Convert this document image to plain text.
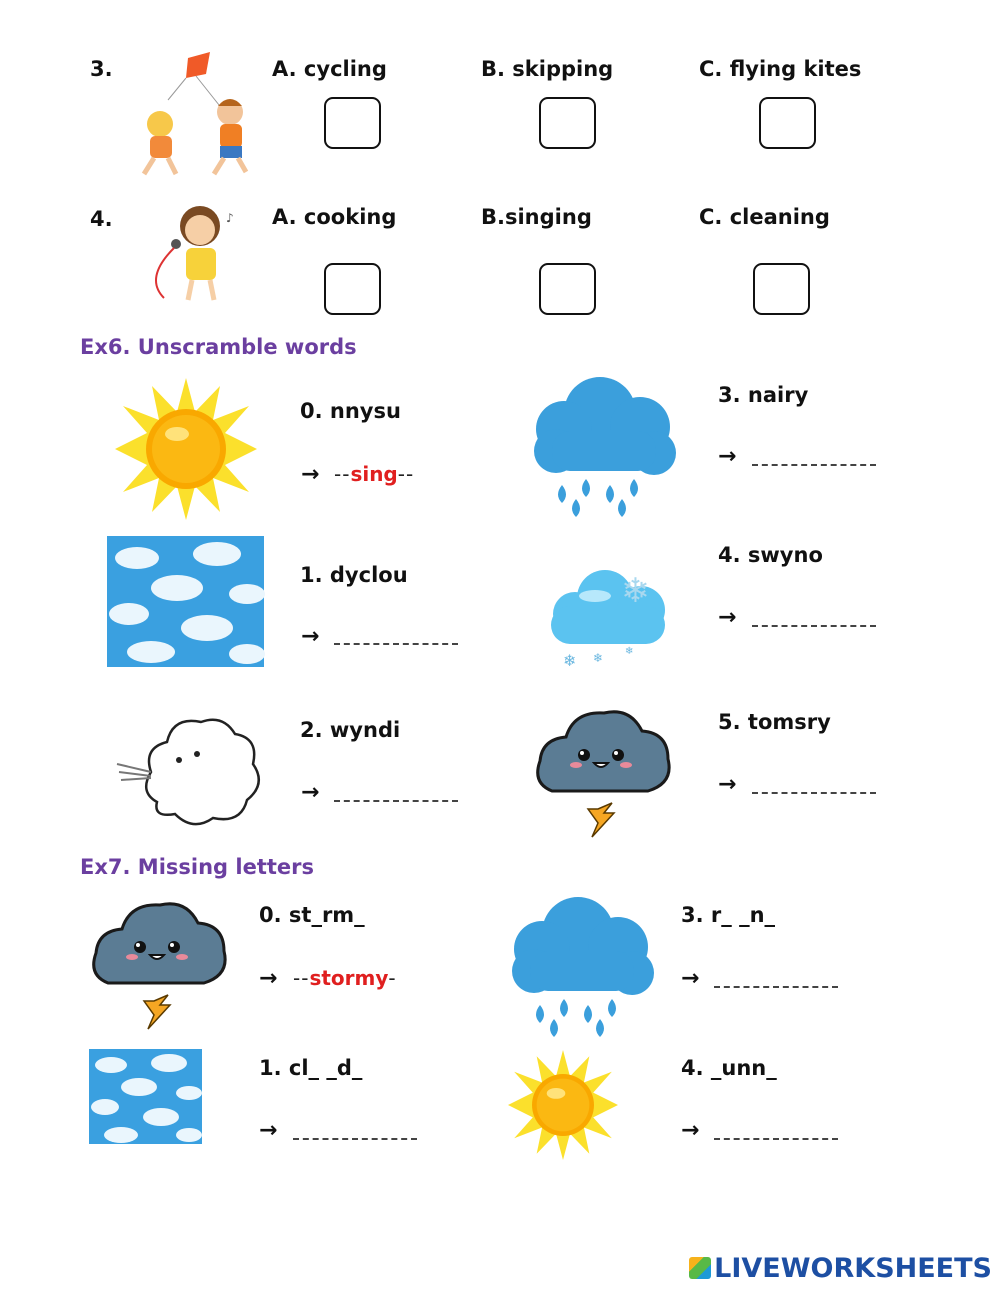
3.	A. cycling	B. skipping	C. flying kites
4.	♪ A. cooking	B.singing	C. cleaning
Ex6. Unscramble words
0. nnysu
→ --sing--
1. dyclou
→
2. wyndi
→
3. nairy
→
❄
❄ ❄ ❄
4. swyno
→
5. tomsry
→
Ex7. Missing letters
0. st_rm_
→ --stormy-
1. cl_ _d_
→
3. r_ _n_
→
4. _unn_
→
LIVEWORKSHEETS
